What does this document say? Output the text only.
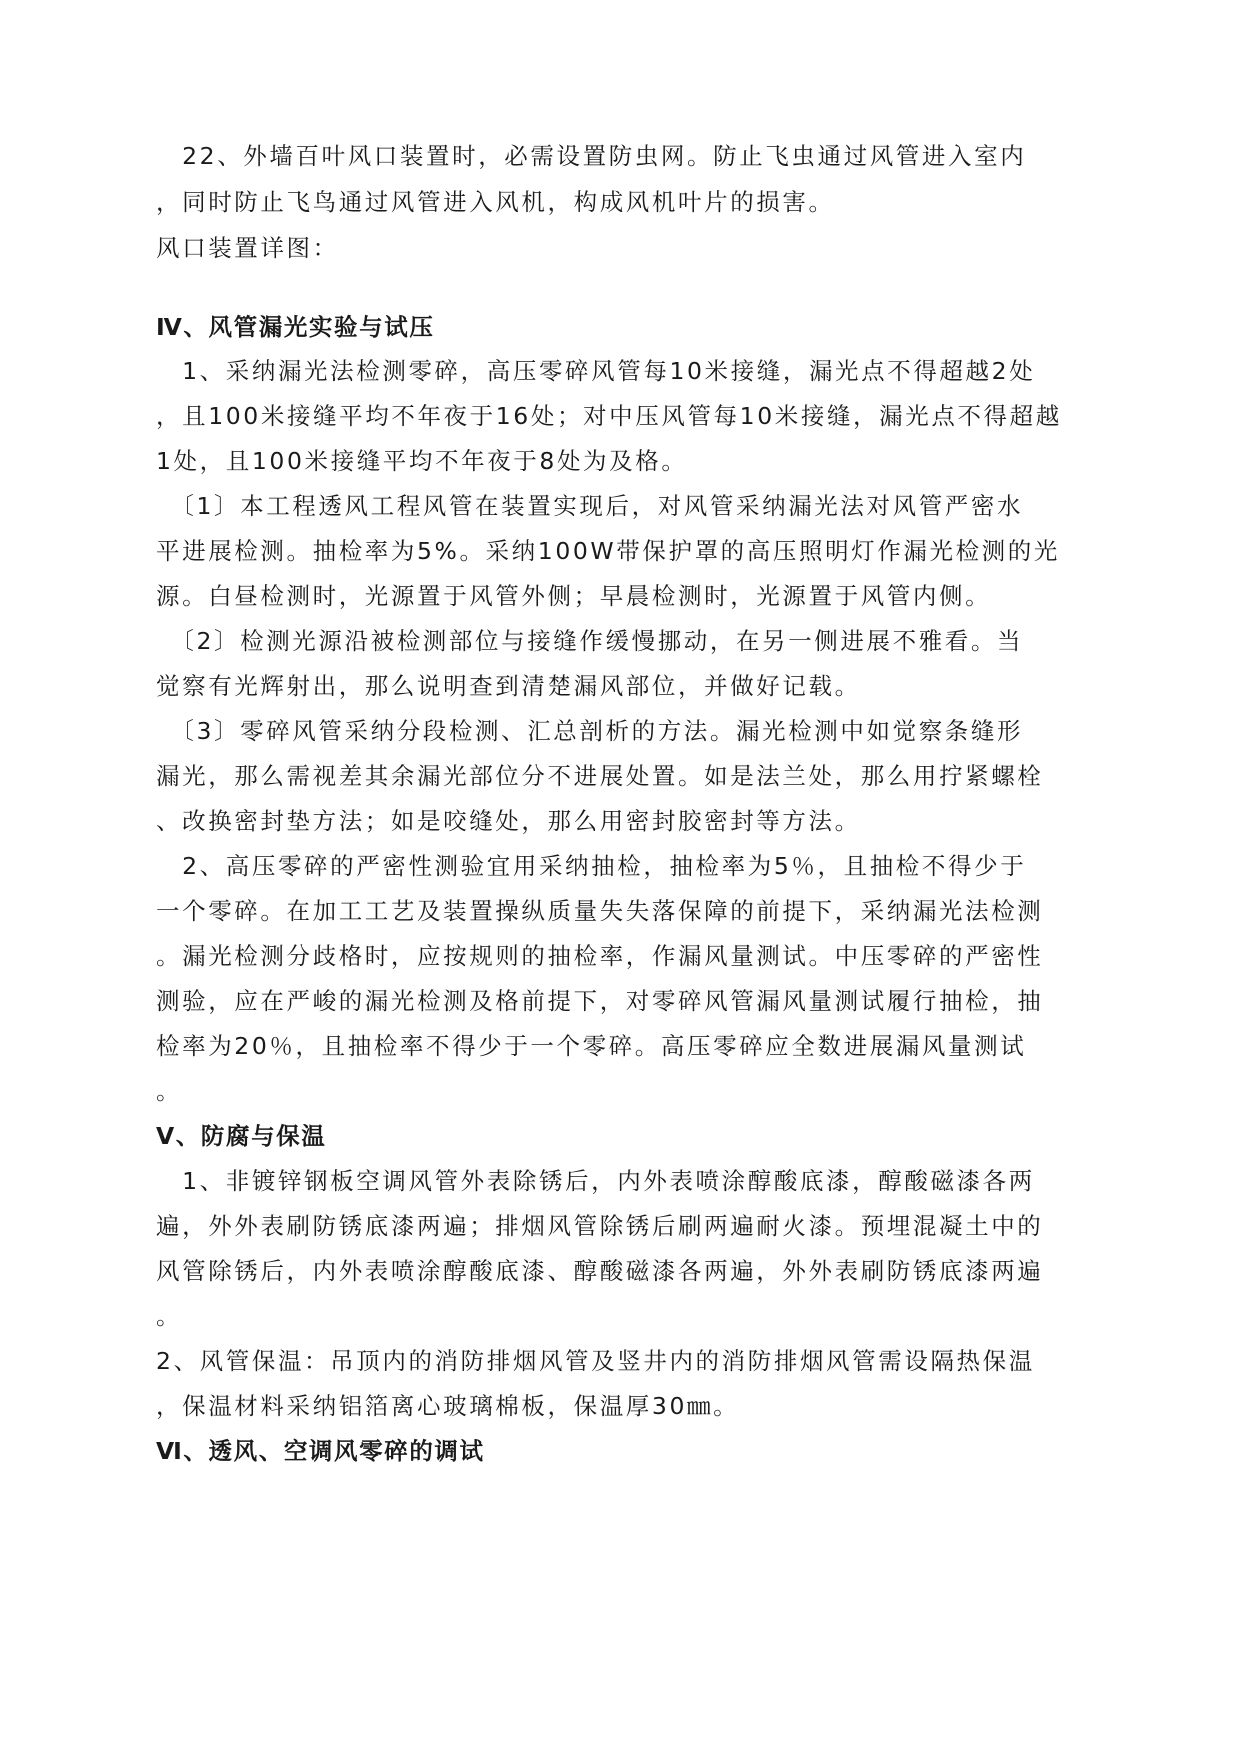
　22、外墙百叶风口装置时，必需设置防虫网。防止飞虫通过风管进入室内

，同时防止飞鸟通过风管进入风机，构成风机叶片的损害。

风口装置详图：

Ⅳ、风管漏光实验与试压

　1、采纳漏光法检测零碎，高压零碎风管每10米接缝，漏光点不得超越2处

，且100米接缝平均不年夜于16处；对中压风管每10米接缝，漏光点不得超越

1处，且100米接缝平均不年夜于8处为及格。

　〔1〕本工程透风工程风管在装置实现后，对风管采纳漏光法对风管严密水

平进展检测。抽检率为5%。采纳100W带保护罩的高压照明灯作漏光检测的光

源。白昼检测时，光源置于风管外侧；早晨检测时，光源置于风管内侧。

　〔2〕检测光源沿被检测部位与接缝作缓慢挪动，在另一侧进展不雅看。当

觉察有光辉射出，那么说明查到清楚漏风部位，并做好记载。

　〔3〕零碎风管采纳分段检测、汇总剖析的方法。漏光检测中如觉察条缝形

漏光，那么需视差其余漏光部位分不进展处置。如是法兰处，那么用拧紧螺栓

、改换密封垫方法；如是咬缝处，那么用密封胶密封等方法。

　2、高压零碎的严密性测验宜用采纳抽检，抽检率为5％，且抽检不得少于

一个零碎。在加工工艺及装置操纵质量失失落保障的前提下，采纳漏光法检测

。漏光检测分歧格时，应按规则的抽检率，作漏风量测试。中压零碎的严密性

测验，应在严峻的漏光检测及格前提下，对零碎风管漏风量测试履行抽检，抽

检率为20％，且抽检率不得少于一个零碎。高压零碎应全数进展漏风量测试

。

Ⅴ、防腐与保温

　1、非镀锌钢板空调风管外表除锈后，内外表喷涂醇酸底漆，醇酸磁漆各两

遍，外外表刷防锈底漆两遍；排烟风管除锈后刷两遍耐火漆。预埋混凝土中的

风管除锈后，内外表喷涂醇酸底漆、醇酸磁漆各两遍，外外表刷防锈底漆两遍

。

2、风管保温：吊顶内的消防排烟风管及竖井内的消防排烟风管需设隔热保温

，保温材料采纳铝箔离心玻璃棉板，保温厚30㎜。

Ⅵ、透风、空调风零碎的调试
